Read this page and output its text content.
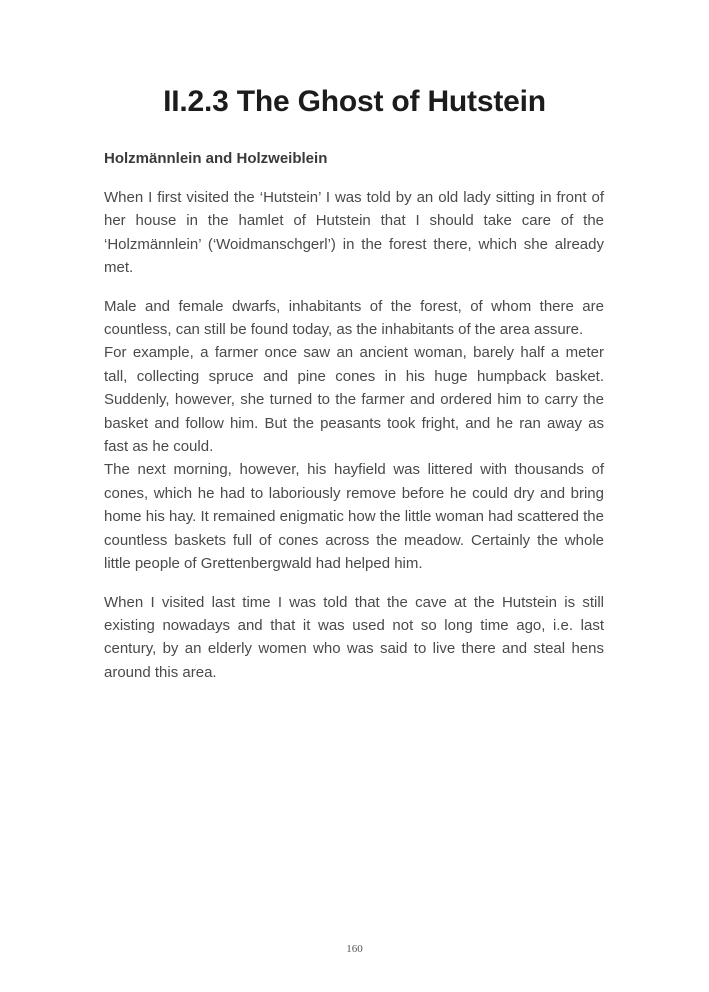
II.2.3 The Ghost of Hutstein
Holzmännlein and Holzweiblein

When I first visited the ‘Hutstein’ I was told by an old lady sitting in front of her house in the hamlet of Hutstein that I should take care of the ‘Holzmännlein’ (‘Woidmanschgerl’) in the forest there, which she already met.

Male and female dwarfs, inhabitants of the forest, of whom there are countless, can still be found today, as the inhabitants of the area assure.

For example, a farmer once saw an ancient woman, barely half a meter tall, collecting spruce and pine cones in his huge humpback basket. Suddenly, however, she turned to the farmer and ordered him to carry the basket and follow him. But the peasants took fright, and he ran away as fast as he could.

The next morning, however, his hayfield was littered with thousands of cones, which he had to laboriously remove before he could dry and bring home his hay. It remained enigmatic how the little woman had scattered the countless baskets full of cones across the meadow. Certainly the whole little people of Grettenbergwald had helped him.

When I visited last time I was told that the cave at the Hutstein is still existing nowadays and that it was used not so long time ago, i.e. last century, by an elderly women who was said to live there and steal hens around this area.

160
